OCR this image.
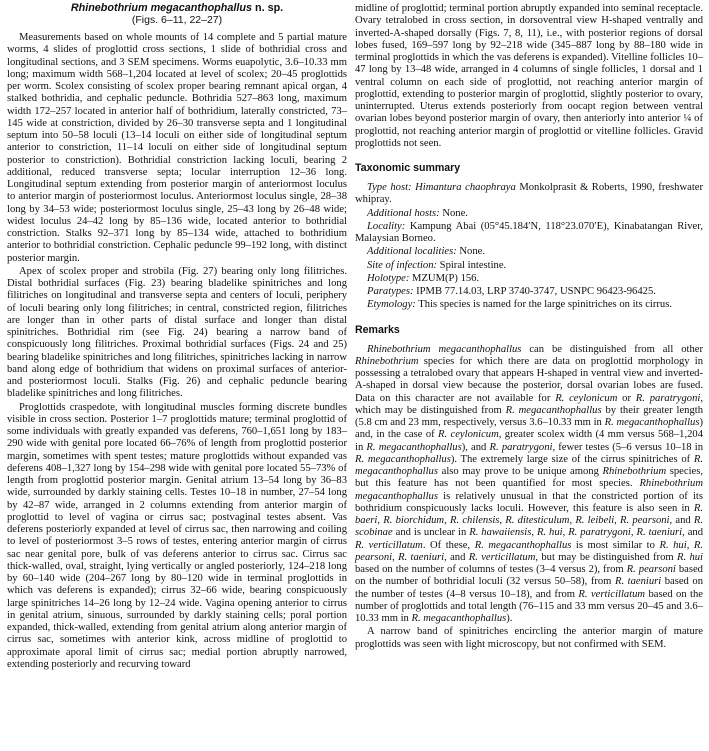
Rhinebothrium megacanthophallus n. sp.
(Figs. 6–11, 22–27)

Measurements based on whole mounts of 14 complete and 5 partial mature worms, 4 slides of proglottid cross sections, 1 slide of bothridial cross and longitudinal sections, and 3 SEM specimens. Worms euapolytic, 3.6–10.33 mm long; maximum width 568–1,204 located at level of scolex; 20–45 proglottids per worm. Scolex consisting of scolex proper bearing remnant apical organ, 4 stalked bothridia, and cephalic peduncle. Bothridia 527–863 long, maximum width 172–257 located in anterior half of bothridium, laterally constricted, 73–145 wide at constriction, divided by 26–30 transverse septa and 1 longitudinal septum into 50–58 loculi (13–14 loculi on either side of longitudinal septum anterior to constriction, 11–14 loculi on either side of longitudinal septum posterior to constriction). Bothridial constriction lacking loculi, bearing 2 additional, reduced transverse septa; locular interruption 12–36 long. Longitudinal septum extending from posterior margin of anteriormost loculus to anterior margin of posteriormost loculus. Anteriormost loculus single, 28–38 long by 34–53 wide; posteriormost loculus single, 25–43 long by 26–48 wide; widest loculus 24–42 long by 85–136 wide, located anterior to bothridial constriction. Stalks 92–371 long by 85–134 wide, attached to bothridium anterior to bothridial constriction. Cephalic peduncle 99–192 long, with distinct posterior margin.

Apex of scolex proper and strobila (Fig. 27) bearing only long filitriches. Distal bothridial surfaces (Fig. 23) bearing bladelike spinitriches and long filitriches on longitudinal and transverse septa and centers of loculi, periphery of loculi bearing only long filitriches; in central, constricted region, filitriches are longer than in other parts of distal surface and longer than distal spinitriches. Bothridial rim (see Fig. 24) bearing a narrow band of conspicuously long filitriches. Proximal bothridial surfaces (Figs. 24 and 25) bearing bladelike spinitriches and long filitriches, spinitriches lacking in narrow band along edge of bothridium that widens on proximal surfaces of anterior- and posteriormost loculi. Stalks (Fig. 26) and cephalic peduncle bearing bladelike spinitriches and long filitriches.

Proglottids craspedote, with longitudinal muscles forming discrete bundles visible in cross section. Posterior 1–7 proglottids mature; terminal proglottid of some individuals with greatly expanded vas deferens, 760–1,651 long by 183–290 wide with genital pore located 66–76% of length from proglottid posterior margin, sometimes with spent testes; mature proglottids without expanded vas deferens 408–1,327 long by 154–298 wide with genital pore located 55–73% of length from proglottid posterior margin. Genital atrium 13–54 long by 36–83 wide, surrounded by darkly staining cells. Testes 10–18 in number, 27–54 long by 42–87 wide, arranged in 2 columns extending from anterior margin of proglottid to level of vagina or cirrus sac; postvaginal testes absent. Vas deferens posteriorly expanded at level of cirrus sac, then narrowing and coiling to level of posteriormost 3–5 rows of testes, entering anterior margin of cirrus sac near genital pore, bulk of vas deferens anterior to cirrus sac. Cirrus sac thick-walled, oval, straight, lying vertically or angled posteriorly, 124–218 long by 60–140 wide (204–267 long by 80–120 wide in terminal proglottids in which vas deferens is expanded); cirrus 32–66 wide, bearing conspicuously large spinitriches 14–26 long by 12–24 wide. Vagina opening anterior to cirrus in genital atrium, sinuous, surrounded by darkly staining cells; poral portion expanded, thick-walled, extending from genital atrium along anterior margin of cirrus sac, sometimes with anterior kink, across midline of proglottid to approximate aporal limit of cirrus sac; medial portion abruptly narrowed, extending posteriorly and recurving toward

midline of proglottid; terminal portion abruptly expanded into seminal receptacle. Ovary tetralobed in cross section, in dorsoventral view H-shaped ventrally and inverted-A-shaped dorsally (Figs. 7, 8, 11), i.e., with posterior regions of dorsal lobes fused, 169–597 long by 92–218 wide (345–887 long by 88–180 wide in terminal proglottids in which the vas deferens is expanded). Vitelline follicles 10–47 long by 13–48 wide, arranged in 4 columns of single follicles, 1 dorsal and 1 ventral column on each side of proglottid, not reaching anterior margin of proglottid, extending to posterior margin of proglottid, slightly posterior to ovary, uninterrupted. Uterus extends posteriorly from oocapt region between ventral ovarian lobes beyond posterior margin of ovary, then anteriorly into anterior ¼ of proglottid, not reaching anterior margin of proglottid or vitelline follicles. Gravid proglottids not seen.

Taxonomic summary

Type host: Himantura chaophraya Monkolprasit & Roberts, 1990, freshwater whipray.

Additional hosts: None.

Locality: Kampung Abai (05°45.184′N, 118°23.070′E), Kinabatangan River, Malaysian Borneo.

Additional localities: None.

Site of infection: Spiral intestine.

Holotype: MZUM(P) 156.

Paratypes: IPMB 77.14.03, LRP 3740-3747, USNPC 96423-96425.

Etymology: This species is named for the large spinitriches on its cirrus.

Remarks

Rhinebothrium megacanthophallus can be distinguished from all other Rhinebothrium species for which there are data on proglottid morphology in possessing a tetralobed ovary that appears H-shaped in ventral view and inverted-A-shaped in dorsal view because the posterior, dorsal ovarian lobes are fused. Data on this character are not available for R. ceylonicum or R. paratrygoni, which may be distinguished from R. megacanthophallus by their greater length (5.8 cm and 23 mm, respectively, versus 3.6–10.33 mm in R. megacanthophallus) and, in the case of R. ceylonicum, greater scolex width (4 mm versus 568–1,204 in R. megacanthophallus), and R. paratrygoni, fewer testes (5–6 versus 10–18 in R. megacanthophallus). The extremely large size of the cirrus spinitriches of R. megacanthophallus also may prove to be unique among Rhinebothrium species, but this feature has not been quantified for most species. Rhinebothrium megacanthophallus is relatively unusual in that the constricted portion of its bothridium conspicuously lacks loculi. However, this feature is also seen in R. baeri, R. biorchidum, R. chilensis, R. ditesticulum, R. leibeli, R. pearsoni, and R. scobinae and is unclear in R. hawaiiensis, R. hui, R. paratrygoni, R. taeniuri, and R. verticillatum. Of these, R. megacanthophallus is most similar to R. hui, R. pearsoni, R. taeniuri, and R. verticillatum, but may be distinguished from R. hui based on the number of columns of testes (3–4 versus 2), from R. pearsoni based on the number of bothridial loculi (32 versus 50–58), from R. taeniuri based on the number of testes (4–8 versus 10–18), and from R. verticillatum based on the number of proglottids and total length (76–115 and 33 mm versus 20–45 and 3.6–10.33 mm in R. megacanthophallus).

A narrow band of spinitriches encircling the anterior margin of mature proglottids was seen with light microscopy, but not confirmed with SEM.
